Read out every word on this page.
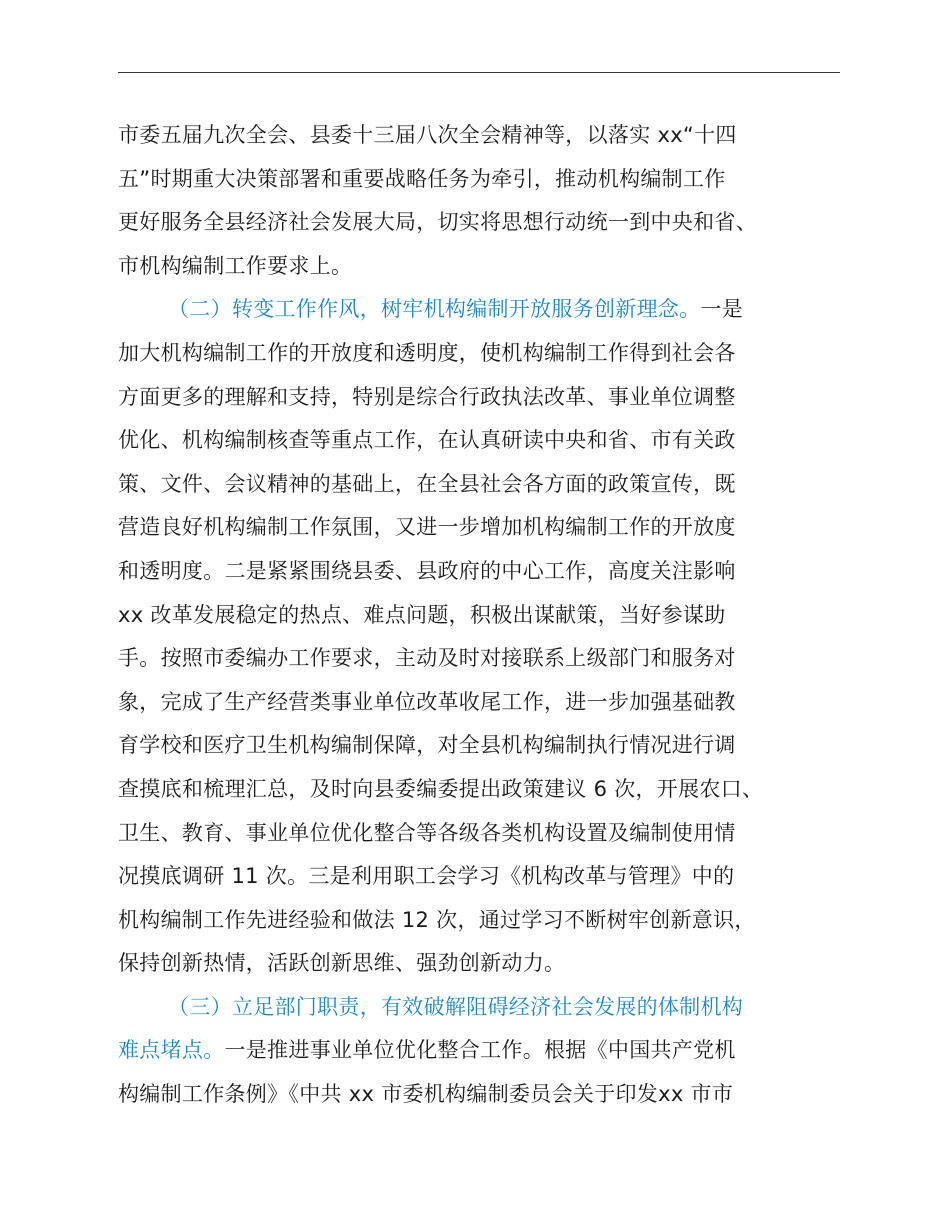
市委五届九次全会、县委十三届八次全会精神等，以落实 xx“十四
五”时期重大决策部署和重要战略任务为牵引，推动机构编制工作
更好服务全县经济社会发展大局，切实将思想行动统一到中央和省、
市机构编制工作要求上。
（二）转变工作作风，树牢机构编制开放服务创新理念。一是
加大机构编制工作的开放度和透明度，使机构编制工作得到社会各
方面更多的理解和支持，特别是综合行政执法改革、事业单位调整
优化、机构编制核查等重点工作，在认真研读中央和省、市有关政
策、文件、会议精神的基础上，在全县社会各方面的政策宣传，既
营造良好机构编制工作氛围，又进一步增加机构编制工作的开放度
和透明度。二是紧紧围绕县委、县政府的中心工作，高度关注影响
xx 改革发展稳定的热点、难点问题，积极出谋献策，当好参谋助
手。按照市委编办工作要求，主动及时对接联系上级部门和服务对
象，完成了生产经营类事业单位改革收尾工作，进一步加强基础教
育学校和医疗卫生机构编制保障，对全县机构编制执行情况进行调
查摸底和梳理汇总，及时向县委编委提出政策建议 6 次，开展农口、
卫生、教育、事业单位优化整合等各级各类机构设置及编制使用情
况摸底调研 11 次。三是利用职工会学习《机构改革与管理》中的
机构编制工作先进经验和做法 12 次，通过学习不断树牢创新意识，
保持创新热情，活跃创新思维、强劲创新动力。
（三）立足部门职责，有效破解阻碍经济社会发展的体制机构
难点堵点。一是推进事业单位优化整合工作。根据《中国共产党机
构编制工作条例》《中共 xx 市委机构编制委员会关于印发xx 市市
